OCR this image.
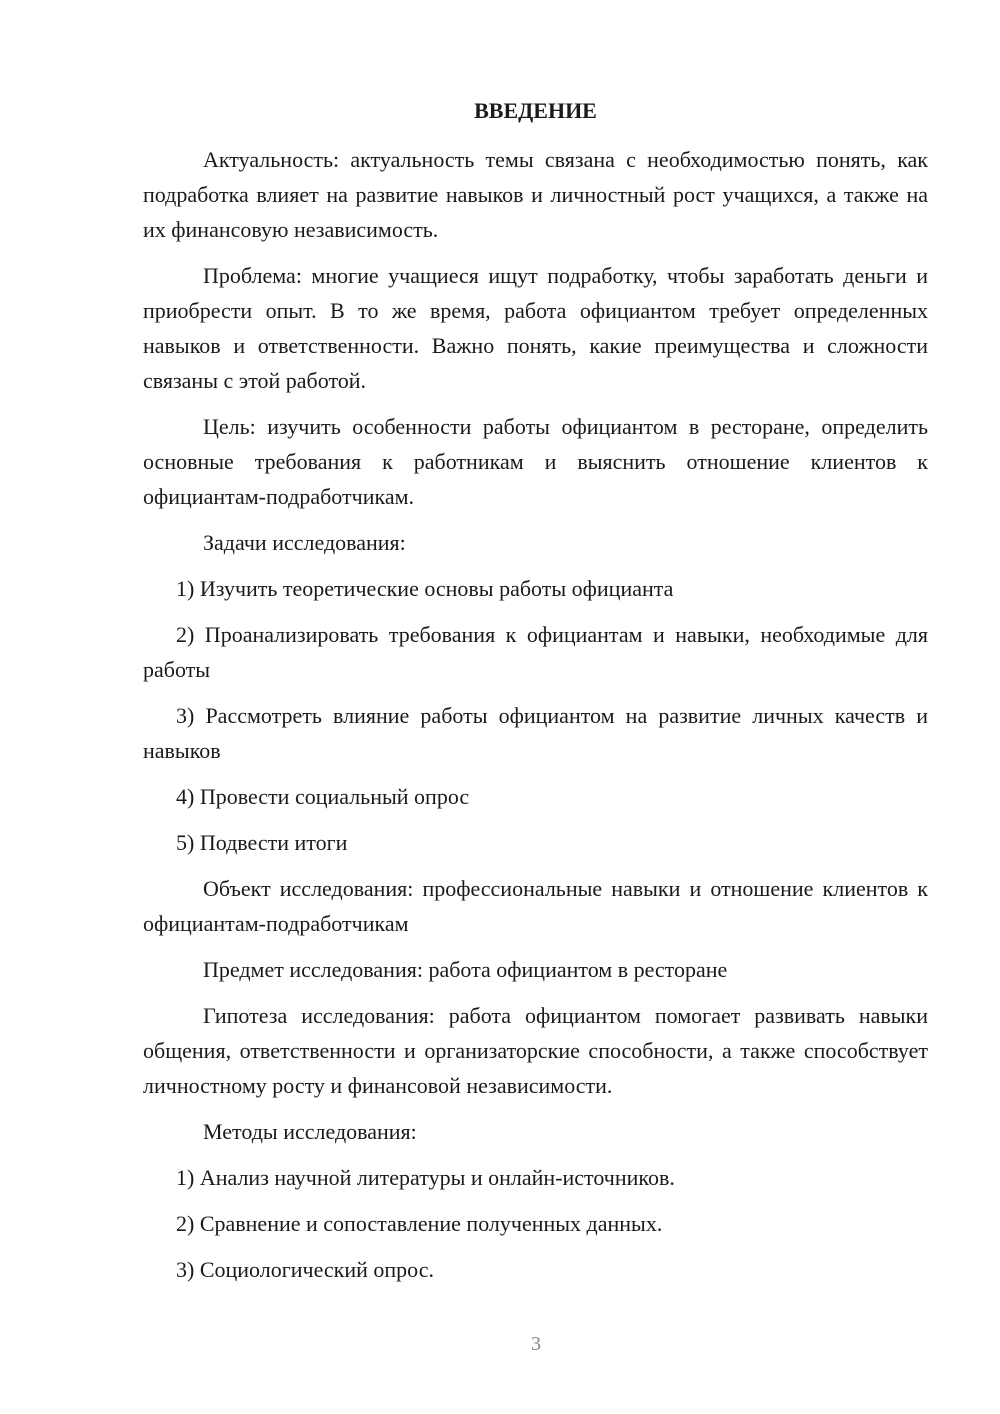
ВВЕДЕНИЕ

Актуальность: актуальность темы связана с необходимостью понять, как подработка влияет на развитие навыков и личностный рост учащихся, а также на их финансовую независимость.

Проблема: многие учащиеся ищут подработку, чтобы заработать деньги и приобрести опыт. В то же время, работа официантом требует определенных навыков и ответственности. Важно понять, какие преимущества и сложности связаны с этой работой.

Цель: изучить особенности работы официантом в ресторане, определить основные требования к работникам и выяснить отношение клиентов к официантам-подработчикам.

Задачи исследования:

1) Изучить теоретические основы работы официанта

2) Проанализировать требования к официантам и навыки, необходимые для работы

3) Рассмотреть влияние работы официантом на развитие личных качеств и навыков

4) Провести социальный опрос

5) Подвести итоги

Объект исследования: профессиональные навыки и отношение клиентов к официантам-подработчикам

Предмет исследования: работа официантом в ресторане

Гипотеза исследования: работа официантом помогает развивать навыки общения, ответственности и организаторские способности, а также способствует личностному росту и финансовой независимости.

Методы исследования:

1) Анализ научной литературы и онлайн-источников.

2) Сравнение и сопоставление полученных данных.

3) Социологический опрос.

3
